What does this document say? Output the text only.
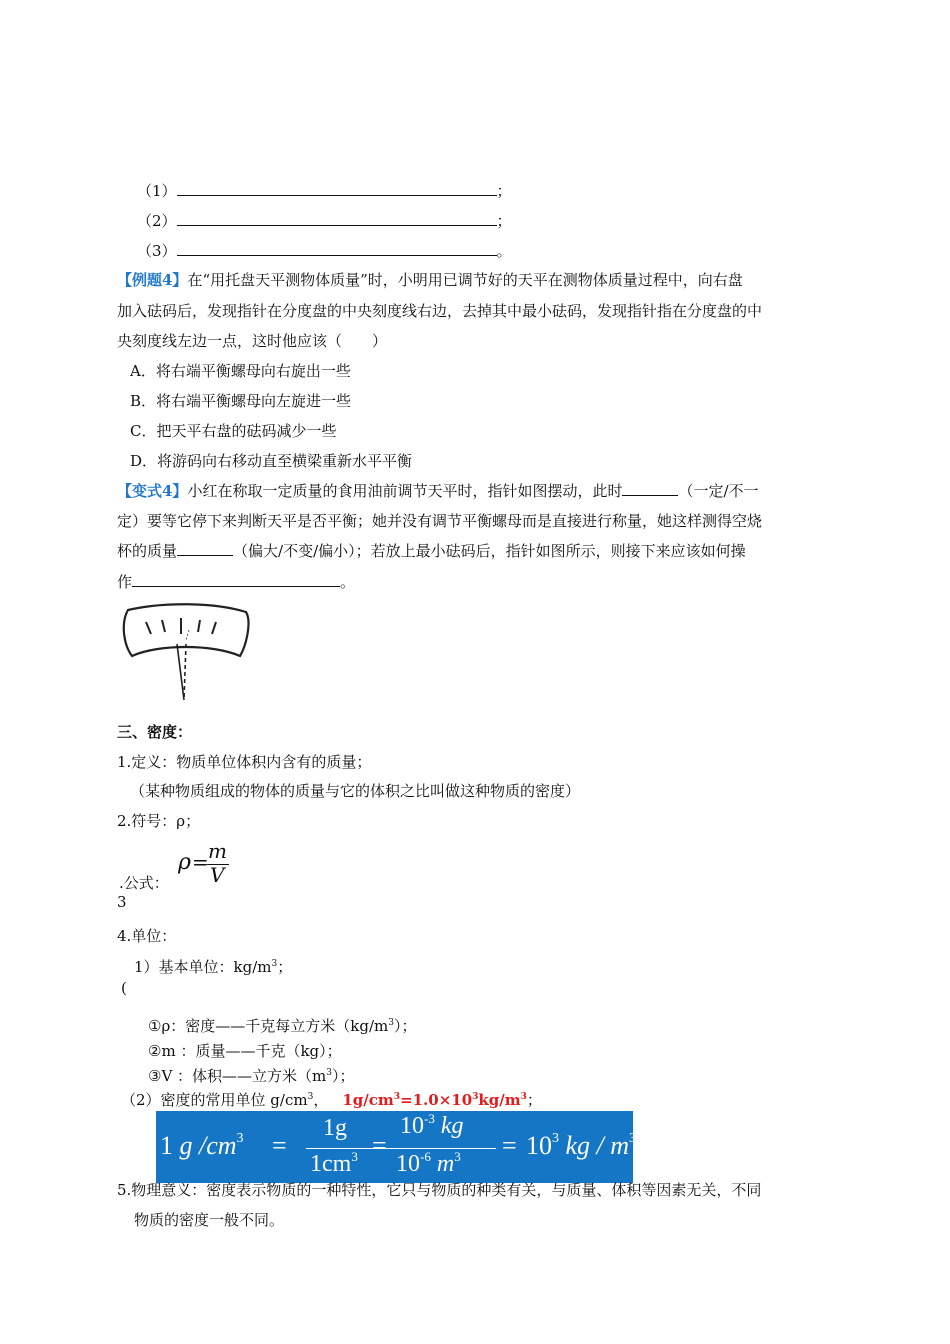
（1）	；
（2）	；
（3）	。
【例题4】在“用托盘天平测物体质量”时，小明用已调节好的天平在测物体质量过程中，向右盘
加入砝码后，发现指针在分度盘的中央刻度线右边，去掉其中最小砝码，发现指针指在分度盘的中
央刻度线左边一点，这时他应该（　　）
A．将右端平衡螺母向右旋出一些
B．将右端平衡螺母向左旋进一些
C．把天平右盘的砝码减少一些
D．将游码向右移动直至横梁重新水平平衡
【变式4】小红在称取一定质量的食用油前调节天平时，指针如图摆动，此时	（一定/不一
定）要等它停下来判断天平是否平衡；她并没有调节平衡螺母而是直接进行称量，她这样测得空烧
杯的质量	（偏大/不变/偏小）；若放上最小砝码后，指针如图所示，则接下来应该如何操
作	。
三、密度：
1.定义：物质单位体积内含有的质量；
（某种物质组成的物体的质量与它的体积之比叫做这种物质的密度）
2.符号：ρ；
.公式：
ρ = m
V
3
4.单位：
1）基本单位：$kg/m^3$；
(
①ρ：密度——千克每立方米$(kg/m^3)$；
②m ：质量——千克（kg）；
③V ：体积——立方米$(m^3)$；
（2）密度的常用单位 $g/cm^3$， $1g/cm^3=1.0\times 10^3kg/m^3$；
1 g $/cm^3$ =
1g
$1cm^3$ =
$10^{-3}$ kg
$10^{-6}$ $m^3 = 10^3$ kg / $m^3$
5.物理意义：密度表示物质的一种特性，它只与物质的种类有关，与质量、体积等因素无关，不同
物质的密度一般不同。
